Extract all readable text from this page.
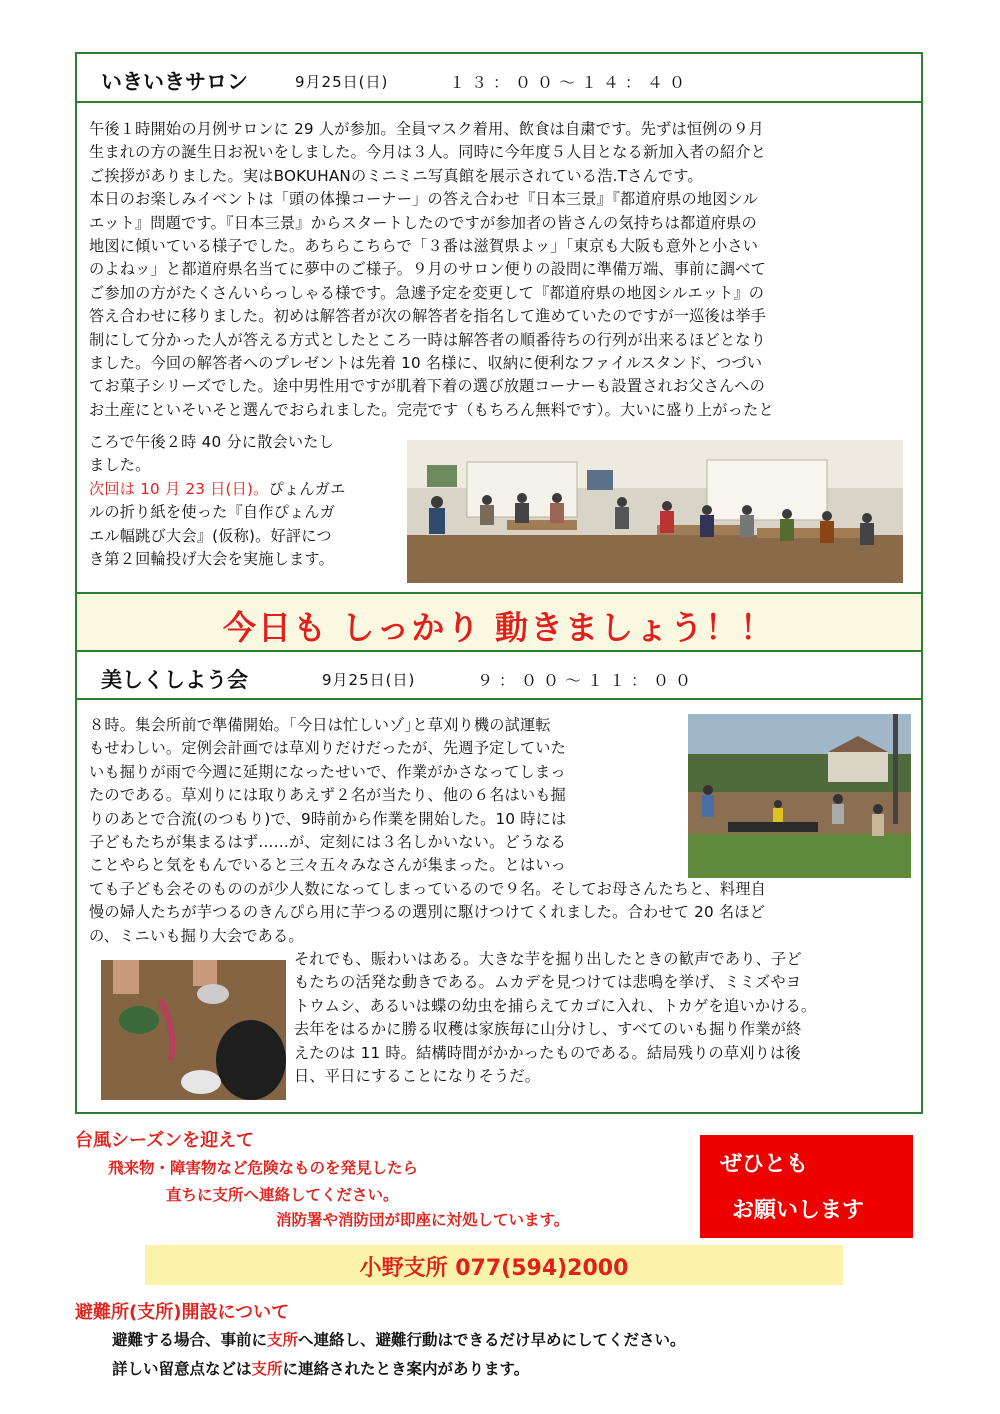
いきいきサロン	9月25日(日)	１３：００～１４：４０

午後１時開始の月例サロンに 29 人が参加。全員マスク着用、飲食は自粛です。先ずは恒例の９月

生まれの方の誕生日お祝いをしました。今月は３人。同時に今年度５人目となる新加入者の紹介と

ご挨拶がありました。実はBOKUHANのミニミニ写真館を展示されている浩.Tさんです。

本日のお楽しみイベントは「頭の体操コーナー」の答え合わせ『日本三景』『都道府県の地図シル

エット』問題です。『日本三景』からスタートしたのですが参加者の皆さんの気持ちは都道府県の

地図に傾いている様子でした。あちらこちらで「３番は滋賀県よッ」「東京も大阪も意外と小さい

のよねッ」と都道府県名当てに夢中のご様子。９月のサロン便りの設問に準備万端、事前に調べて

ご参加の方がたくさんいらっしゃる様です。急遽予定を変更して『都道府県の地図シルエット』の

答え合わせに移りました。初めは解答者が次の解答者を指名して進めていたのですが一巡後は挙手

制にして分かった人が答える方式としたところ一時は解答者の順番待ちの行列が出来るほどとなり

ました。今回の解答者へのプレゼントは先着 10 名様に、収納に便利なファイルスタンド、つづい

てお菓子シリーズでした。途中男性用ですが肌着下着の選び放題コーナーも設置されお父さんへの

お土産にといそいそと選んでおられました。完売です（もちろん無料です）。大いに盛り上がったと

ころで午後２時 40 分に散会いたし

ました。

次回は 10 月 23 日(日)。ぴょんガエ

ルの折り紙を使った『自作ぴょんガ

エル幅跳び大会』(仮称)。好評につ

き第２回輪投げ大会を実施します。

今日も しっかり 動きましょう！！
美しくしよう会	9月25日(日)	９：００～１１：００

８時。集会所前で準備開始。｢今日は忙しいゾ｣と草刈り機の試運転

もせわしい。定例会計画では草刈りだけだったが、先週予定していた

いも掘りが雨で今週に延期になったせいで、作業がかさなってしまっ

たのである。草刈りには取りあえず２名が当たり、他の６名はいも掘

りのあとで合流(のつもり)で、9時前から作業を開始した。10 時には

子どもたちが集まるはず……が、定刻には３名しかいない。どうなる

ことやらと気をもんでいると三々五々みなさんが集まった。とはいっ

ても子ども会そのもののが少人数になってしまっているので９名。そしてお母さんたちと、料理自

慢の婦人たちが芋つるのきんぴら用に芋つるの選別に駆けつけてくれました。合わせて 20 名ほど

の、ミニいも掘り大会である。

それでも、賑わいはある。大きな芋を掘り出したときの歓声であり、子ど

もたちの活発な動きである。ムカデを見つけては悲鳴を挙げ、ミミズやヨ

トウムシ、あるいは蝶の幼虫を捕らえてカゴに入れ、トカゲを追いかける。

去年をはるかに勝る収穫は家族毎に山分けし、すべてのいも掘り作業が終

えたのは 11 時。結構時間がかかったものである。結局残りの草刈りは後

日、平日にすることになりそうだ。

台風シーズンを迎えて
飛来物・障害物など危険なものを発見したら
直ちに支所へ連絡してください。
消防署や消防団が即座に対処しています。
ぜひとも
お願いします
小野支所 077(594)2000
避難所(支所)開設について
避難する場合、事前に支所へ連絡し、避難行動はできるだけ早めにしてください。
詳しい留意点などは支所に連絡されたとき案内があります。
